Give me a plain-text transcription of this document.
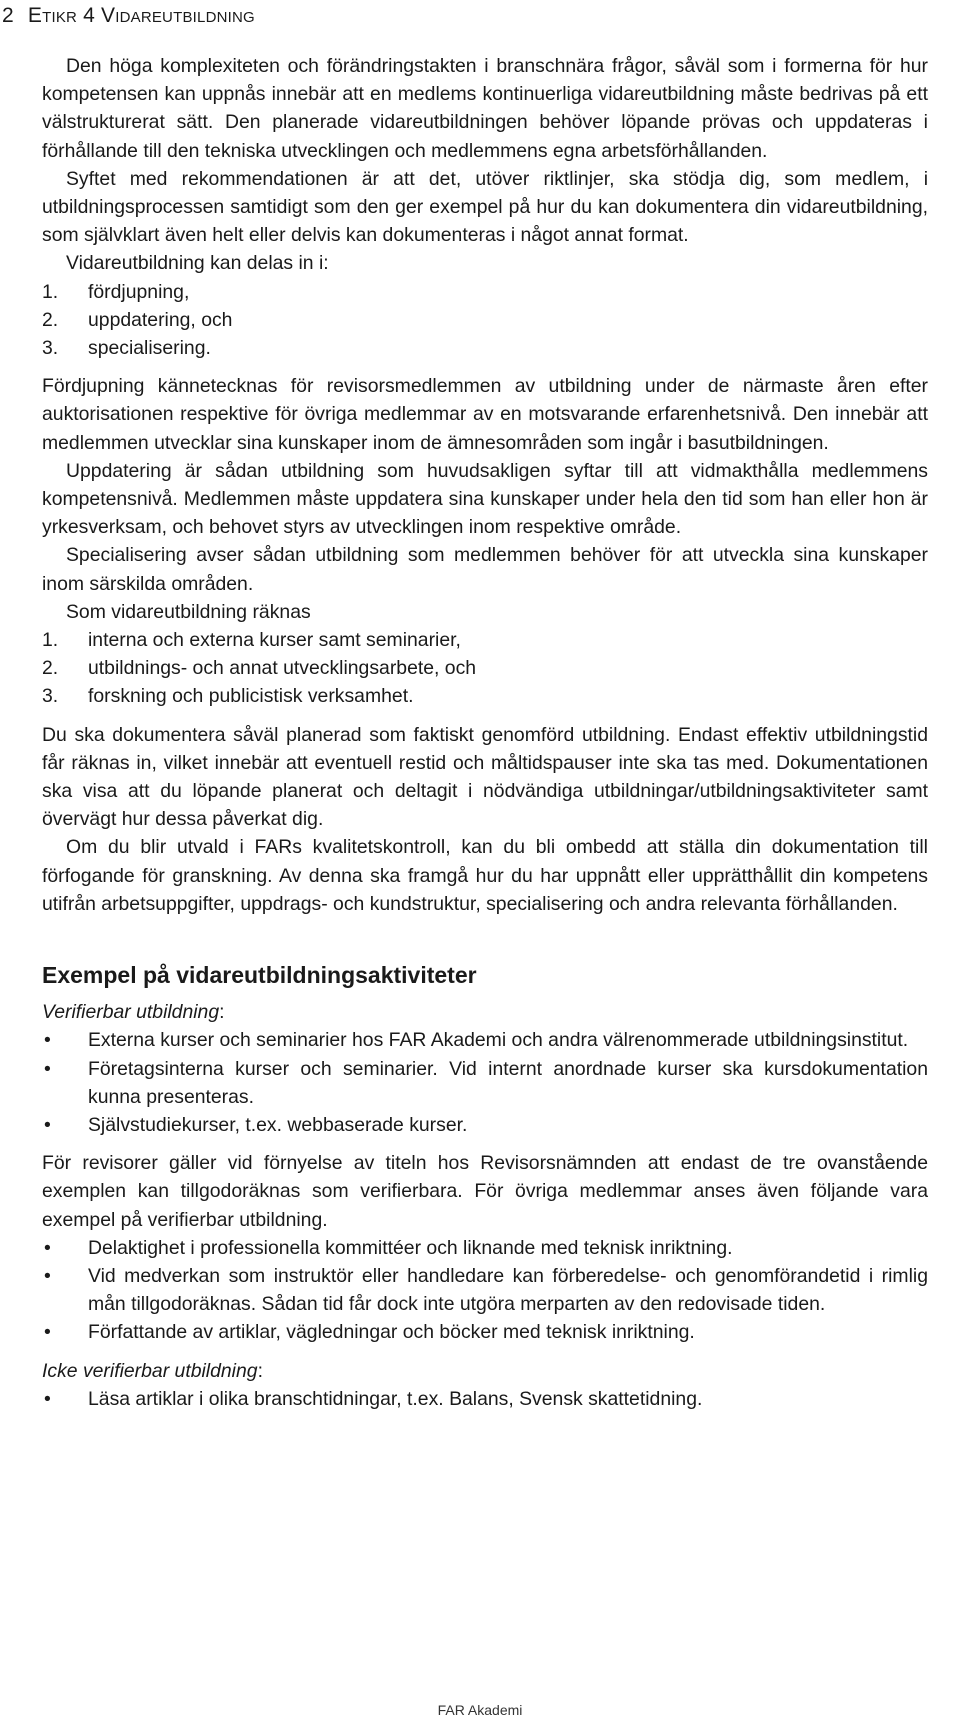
2 Etikr 4 Vidareutbildning

Den höga komplexiteten och förändringstakten i branschnära frågor, såväl som i formerna för hur kompetensen kan uppnås innebär att en medlems kontinuerliga vidareutbildning måste bedrivas på ett välstrukturerat sätt. Den planerade vidareutbildningen behöver löpande prövas och uppdateras i förhållande till den tekniska utvecklingen och medlemmens egna arbetsförhållanden.

Syftet med rekommendationen är att det, utöver riktlinjer, ska stödja dig, som medlem, i utbildningsprocessen samtidigt som den ger exempel på hur du kan dokumentera din vidareutbildning, som självklart även helt eller delvis kan dokumenteras i något annat format.

Vidareutbildning kan delas in i:

1.	fördjupning,
2.	uppdatering, och
3.	specialisering.

Fördjupning kännetecknas för revisorsmedlemmen av utbildning under de närmaste åren efter auktorisationen respektive för övriga medlemmar av en motsvarande erfarenhetsnivå. Den innebär att medlemmen utvecklar sina kunskaper inom de ämnesområden som ingår i basutbildningen.

Uppdatering är sådan utbildning som huvudsakligen syftar till att vidmakthålla medlemmens kompetensnivå. Medlemmen måste uppdatera sina kunskaper under hela den tid som han eller hon är yrkesverksam, och behovet styrs av utvecklingen inom respektive område.

Specialisering avser sådan utbildning som medlemmen behöver för att utveckla sina kunskaper inom särskilda områden.

Som vidareutbildning räknas

1.	interna och externa kurser samt seminarier,
2.	utbildnings- och annat utvecklingsarbete, och
3.	forskning och publicistisk verksamhet.

Du ska dokumentera såväl planerad som faktiskt genomförd utbildning. Endast effektiv utbildningstid får räknas in, vilket innebär att eventuell restid och måltidspauser inte ska tas med. Dokumentationen ska visa att du löpande planerat och deltagit i nödvändiga utbildningar/utbildningsaktiviteter samt övervägt hur dessa påverkat dig.

Om du blir utvald i FARs kvalitetskontroll, kan du bli ombedd att ställa din dokumentation till förfogande för granskning. Av denna ska framgå hur du har uppnått eller upprätthållit din kompetens utifrån arbetsuppgifter, uppdrags- och kundstruktur, specialisering och andra relevanta förhållanden.

Exempel på vidareutbildningsaktiviteter

Verifierbar utbildning:

• Externa kurser och seminarier hos FAR Akademi och andra välrenommerade utbildningsinstitut.
• Företagsinterna kurser och seminarier. Vid internt anordnade kurser ska kursdokumentation kunna presenteras.
• Självstudiekurser, t.ex. webbaserade kurser.

För revisorer gäller vid förnyelse av titeln hos Revisorsnämnden att endast de tre ovanstående exemplen kan tillgodoräknas som verifierbara. För övriga medlemmar anses även följande vara exempel på verifierbar utbildning.

• Delaktighet i professionella kommittéer och liknande med teknisk inriktning.
• Vid medverkan som instruktör eller handledare kan förberedelse- och genomförandetid i rimlig mån tillgodoräknas. Sådan tid får dock inte utgöra merparten av den redovisade tiden.
• Författande av artiklar, vägledningar och böcker med teknisk inriktning.

Icke verifierbar utbildning:

• Läsa artiklar i olika branschtidningar, t.ex. Balans, Svensk skattetidning.
FAR Akademi
